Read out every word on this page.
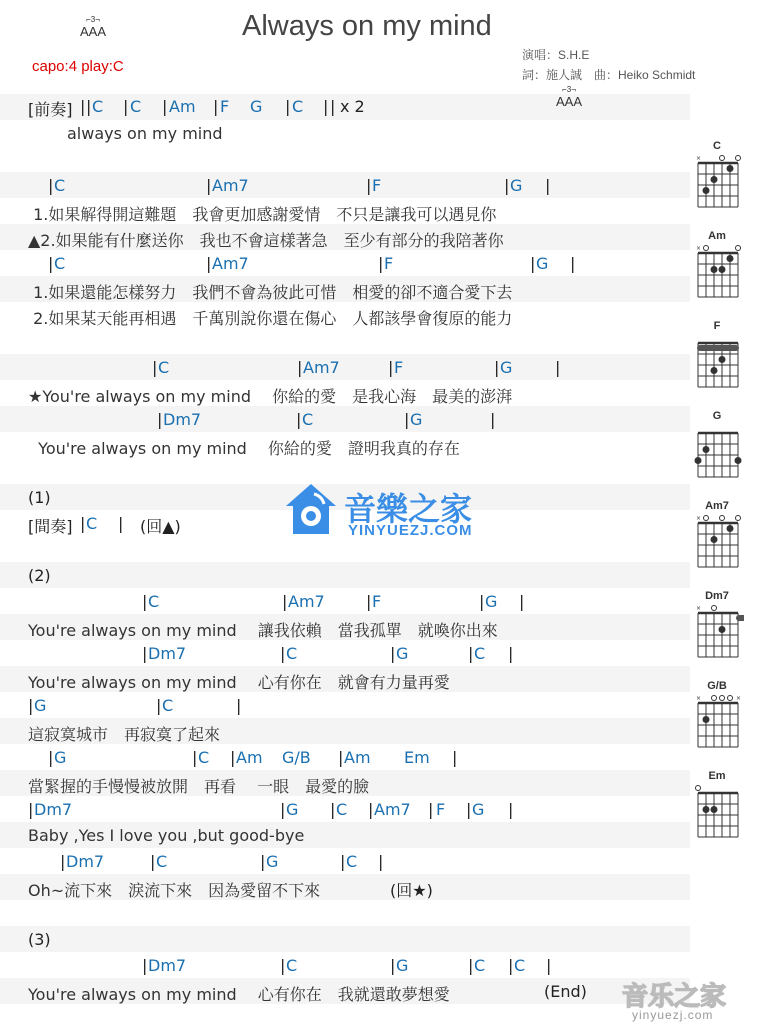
⌐3¬
AAA	Always on my mind
capo:4 play:C
演唱：S.H.E
詞：施人誠　曲：Heiko Schmidt
⌐3¬
AAA
[前奏] | | C | C | Am | F G | C | | x 2
always on my mind
| C	| Am7	| F	| G |
1.如果解得開這難題　我會更加感謝愛情　不只是讓我可以遇見你
▲2.如果能有什麼送你　我也不會這樣著急　至少有部分的我陪著你
| C	| Am7	| F	| G |
1.如果還能怎樣努力　我們不會為彼此可惜　相愛的卻不適合愛下去
2.如果某天能再相遇　千萬別說你還在傷心　人都該學會復原的能力
| C	| Am7	| F	| G	|
★You're always on my mind　 你給的愛　是我心海　最美的澎湃
| Dm7	| C	| G	|
You're always on my mind　 你給的愛　證明我真的存在
(1)
[間奏] | C | (回▲)	音樂之家
YINYUEZJ.COM
(2)
| C	| Am7	| F	| G |
You're always on my mind　 讓我依賴　當我孤單　就喚你出來
| Dm7	| C	| G	| C |
You're always on my mind　 心有你在　就會有力量再愛
| G	| C	|
這寂寞城市　再寂寞了起來
| G	| C | Am G/B | Am Em |
當緊握的手慢慢被放開　再看　 一眼　最愛的臉
| Dm7	| G | C | Am7 | F | G |
Baby ,Yes I love you ,but good-bye
| Dm7	| C	| G	| C |
Oh~流下來　淚流下來　因為愛留不下來	(回★)
(3)
| Dm7	| C	| G	| C | C |
You're always on my mind　 心有你在　我就還敢夢想愛	(End) 音乐之家
yinyuezj.com
C
×
Am
×
F
G
Am7
×
Dm7
×
G/B
×	×
Em
